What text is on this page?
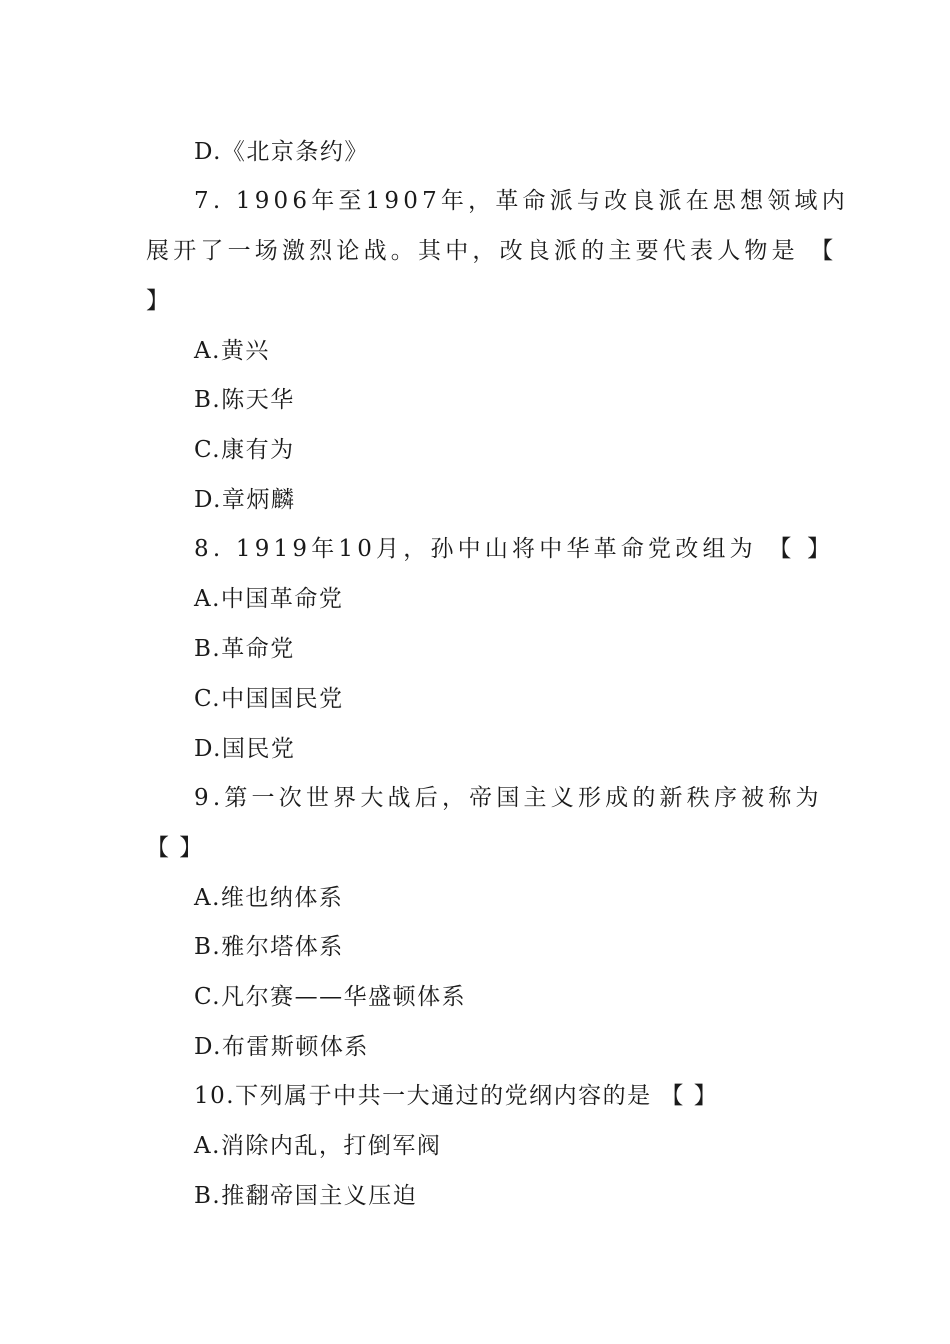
D.《北京条约》
7. 1906年至1907年，革命派与改良派在思想领域内
展开了一场激烈论战。其中，改良派的主要代表人物是 【
】
A.黄兴
B.陈天华
C.康有为
D.章炳麟
8. 1919年10月，孙中山将中华革命党改组为 【 】
A.中国革命党
B.革命党
C.中国国民党
D.国民党
9.第一次世界大战后，帝国主义形成的新秩序被称为
【 】
A.维也纳体系
B.雅尔塔体系
C.凡尔赛——华盛顿体系
D.布雷斯顿体系
10.下列属于中共一大通过的党纲内容的是 【 】
A.消除内乱，打倒军阀
B.推翻帝国主义压迫
